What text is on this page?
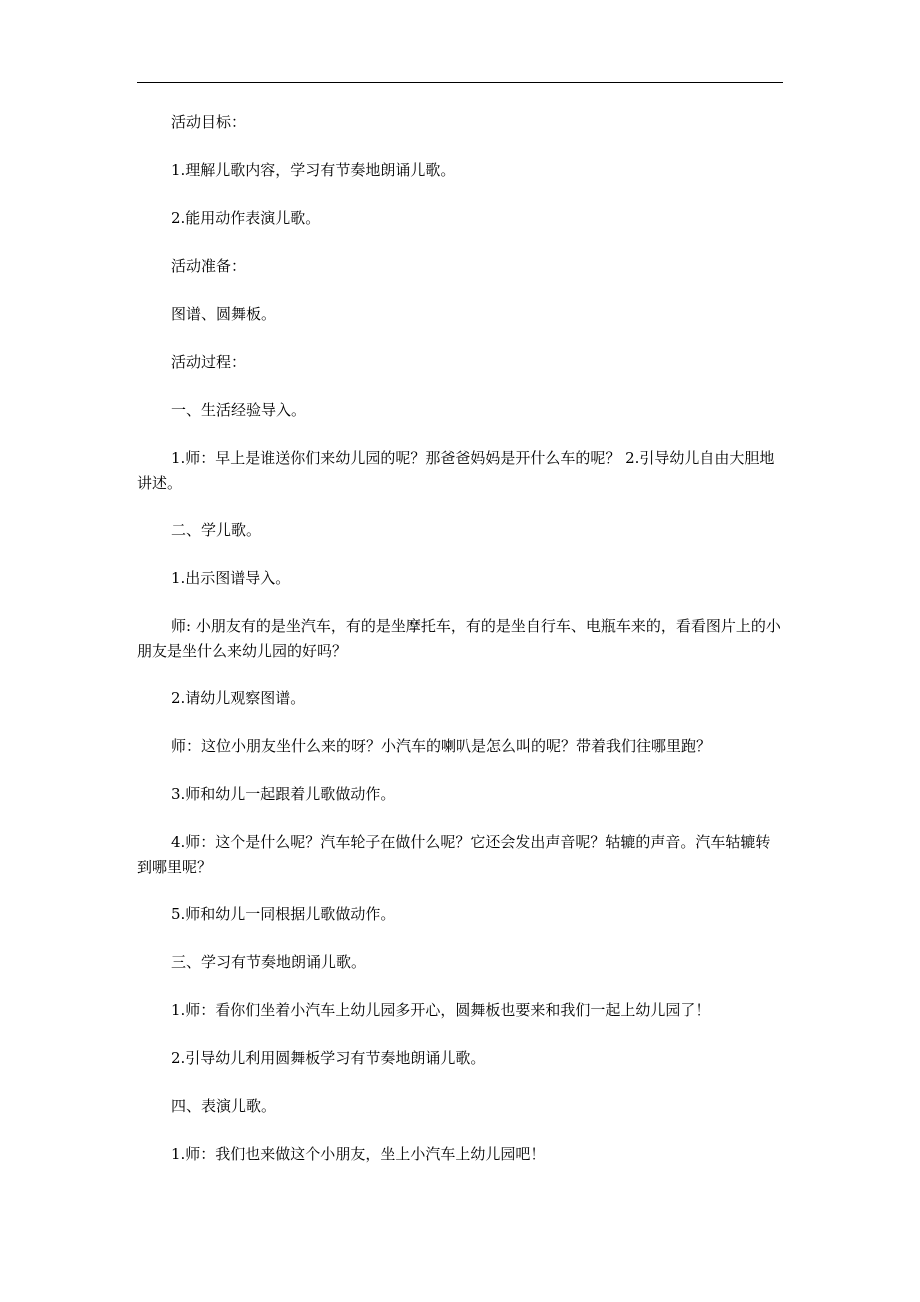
活动目标：

1.理解儿歌内容，学习有节奏地朗诵儿歌。

2.能用动作表演儿歌。

活动准备：

图谱、圆舞板。

活动过程：

一、生活经验导入。

1.师：早上是谁送你们来幼儿园的呢？那爸爸妈妈是开什么车的呢？ 2.引导幼儿自由大胆地讲述。

二、学儿歌。

1.出示图谱导入。

师: 小朋友有的是坐汽车，有的是坐摩托车，有的是坐自行车、电瓶车来的，看看图片上的小朋友是坐什么来幼儿园的好吗？

2.请幼儿观察图谱。

师：这位小朋友坐什么来的呀？小汽车的喇叭是怎么叫的呢？带着我们往哪里跑？

3.师和幼儿一起跟着儿歌做动作。

4.师：这个是什么呢？汽车轮子在做什么呢？它还会发出声音呢？轱辘的声音。汽车轱辘转到哪里呢？

5.师和幼儿一同根据儿歌做动作。

三、学习有节奏地朗诵儿歌。

1.师：看你们坐着小汽车上幼儿园多开心，圆舞板也要来和我们一起上幼儿园了！

2.引导幼儿利用圆舞板学习有节奏地朗诵儿歌。

四、表演儿歌。

1.师：我们也来做这个小朋友，坐上小汽车上幼儿园吧！
